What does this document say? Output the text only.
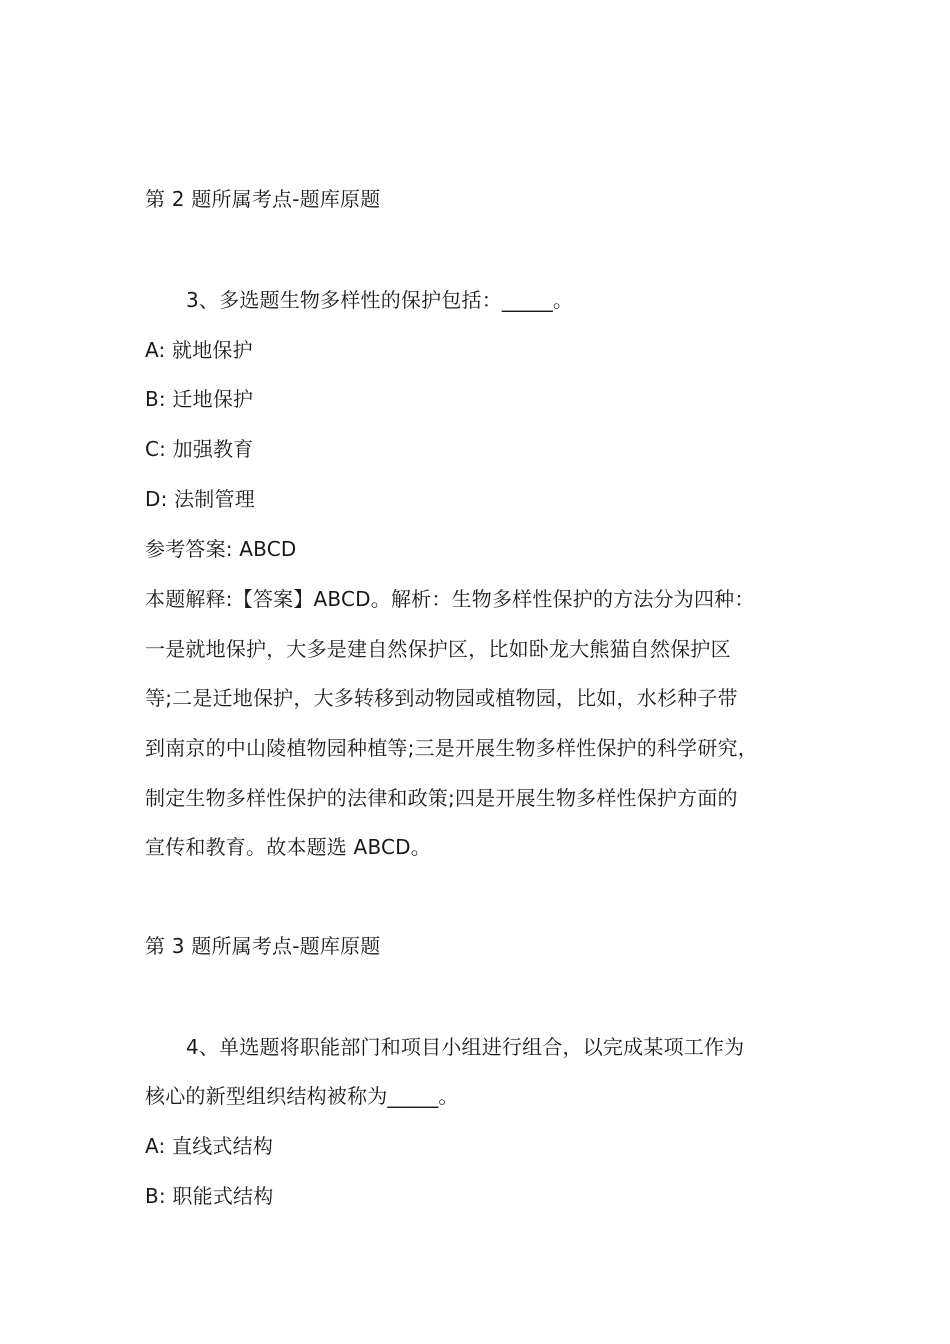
第 2 题所属考点-题库原题
3、多选题生物多样性的保护包括：_____。
A: 就地保护
B: 迁地保护
C: 加强教育
D: 法制管理
参考答案: ABCD
本题解释:【答案】ABCD。解析：生物多样性保护的方法分为四种：
一是就地保护，大多是建自然保护区，比如卧龙大熊猫自然保护区
等;二是迁地保护，大多转移到动物园或植物园，比如，水杉种子带
到南京的中山陵植物园种植等;三是开展生物多样性保护的科学研究，
制定生物多样性保护的法律和政策;四是开展生物多样性保护方面的
宣传和教育。故本题选 ABCD。
第 3 题所属考点-题库原题
4、单选题将职能部门和项目小组进行组合，以完成某项工作为
核心的新型组织结构被称为_____。
A: 直线式结构
B: 职能式结构
